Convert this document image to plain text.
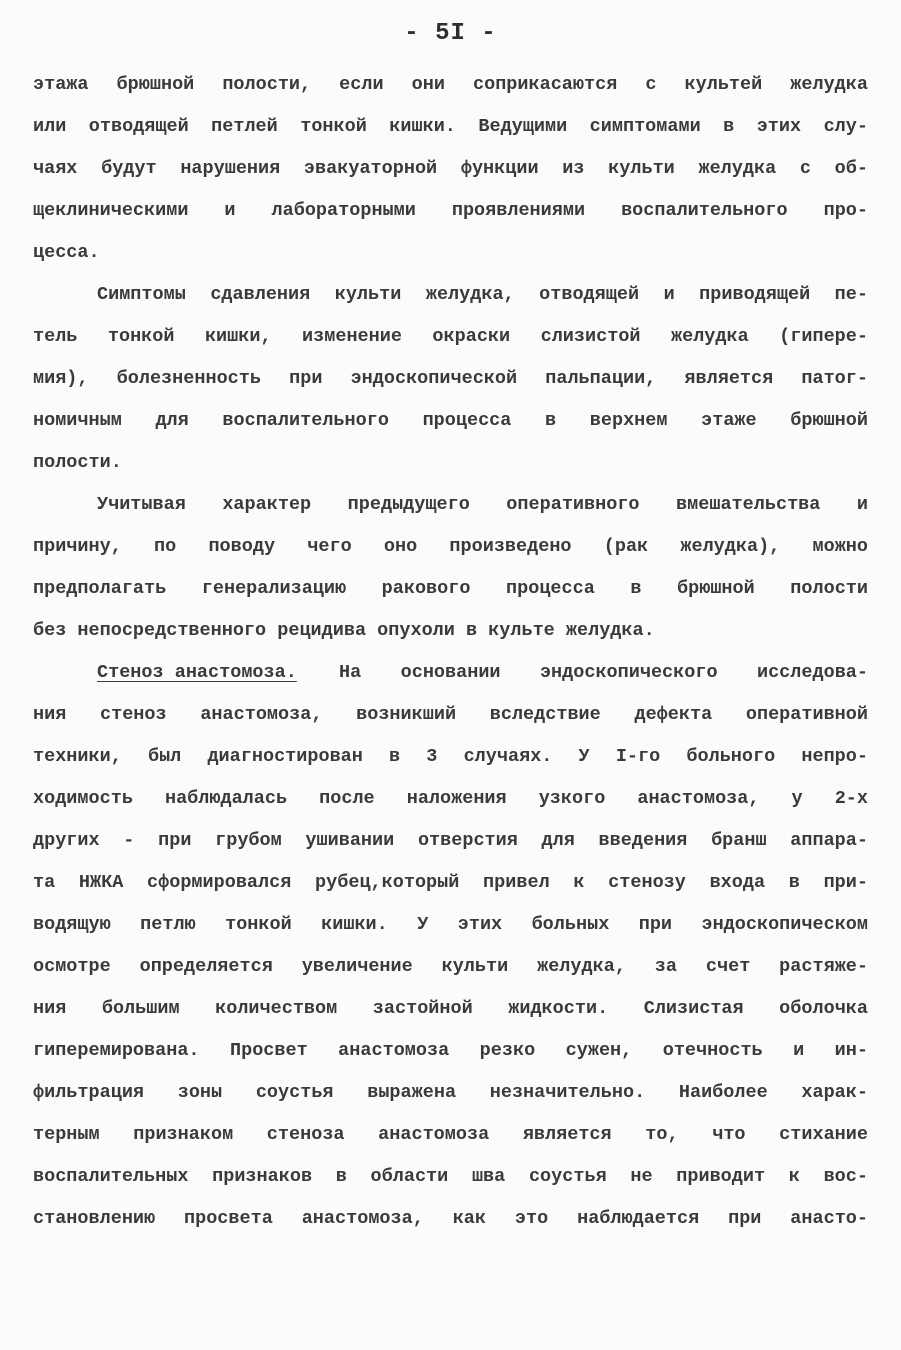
- 5I -
этажа брюшной полости, если они соприкасаются с культей желудка
или отводящей петлей тонкой кишки. Ведущими симптомами в этих слу-
чаях будут нарушения эвакуаторной функции из культи желудка с об-
щеклиническими и лабораторными проявлениями воспалительного про-
цесса.
Симптомы сдавления культи желудка, отводящей и приводящей пе-
тель тонкой кишки, изменение окраски слизистой желудка (гипере-
мия), болезненность при эндоскопической пальпации, является патог-
номичным для воспалительного процесса в верхнем этаже брюшной
полости.
Учитывая характер предыдущего оперативного вмешательства и
причину, по поводу чего оно произведено (рак желудка), можно
предполагать генерализацию ракового процесса в брюшной полости
без непосредственного рецидива опухоли в культе желудка.
Стеноз анастомоза.	На основании эндоскопического исследова-
ния стеноз анастомоза, возникший вследствие дефекта оперативной
техники, был диагностирован в 3 случаях. У I-го больного непро-
ходимость наблюдалась после наложения узкого анастомоза, у 2-х
других - при грубом ушивании отверстия для введения бранш аппара-
та НЖКА сформировался рубец,который привел к стенозу входа в при-
водящую петлю тонкой кишки. У этих больных при эндоскопическом
осмотре определяется увеличение культи желудка, за счет растяже-
ния большим количеством застойной жидкости. Слизистая оболочка
гиперемирована. Просвет анастомоза резко сужен, отечность и ин-
фильтрация зоны соустья выражена незначительно. Наиболее харак-
терным признаком стеноза анастомоза является то, что стихание
воспалительных признаков в области шва соустья не приводит к вос-
становлению просвета анастомоза, как это наблюдается при анасто-
